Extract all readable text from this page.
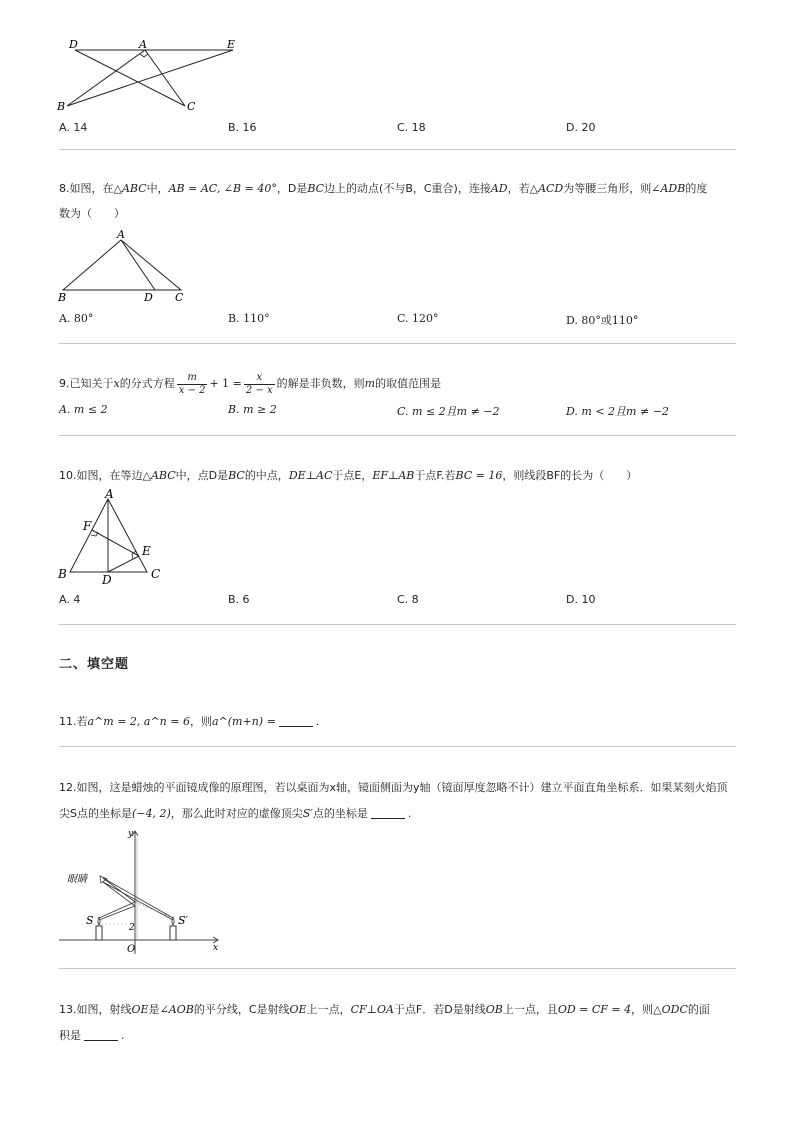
D	A	E
B	C
A. 14	B. 16	C. 18	D. 20
8.如图，在△ABC中，AB = AC, ∠B = 40°，D是BC边上的动点(不与B，C重合)，连接AD，若△ACD为等腰三角形，则∠ADB的度
数为（　　）
A
B	D C
A. 80°	B. 110°	C. 120°	D. 80°或110°
9.已知关于x的分式方程 $\frac{m}{x - 2} + 1 = \frac{x}{2 - x}$ 的解是非负数，则m的取值范围是
A. m ≤ 2	B. m ≥ 2	C. m ≤ 2且m ≠ −2	D. m < 2且m ≠ −2
10.如图，在等边△ABC中，点D是BC的中点，DE⊥AC于点E，EF⊥AB于点F.若BC = 16，则线段BF的长为（　　）
A
F
E
B	D	C
A. 4	B. 6	C. 8	D. 10
二、填空题
11.若a^m = 2, a^n = 6，则a^(m+n) =	.
12.如图，这是蜡烛的平面镜成像的原理图，若以桌面为x轴，镜面侧面为y轴（镜面厚度忽略不计）建立平面直角坐标系．如果某刻火焰顶
尖S点的坐标是(−4, 2)，那么此时对应的虚像顶尖S′点的坐标是	.
y
x
O
2
眼睛
S	S′
13.如图，射线OE是∠AOB的平分线，C是射线OE上一点，CF⊥OA于点F．若D是射线OB上一点，且OD = CF = 4，则△ODC的面
积是	.
